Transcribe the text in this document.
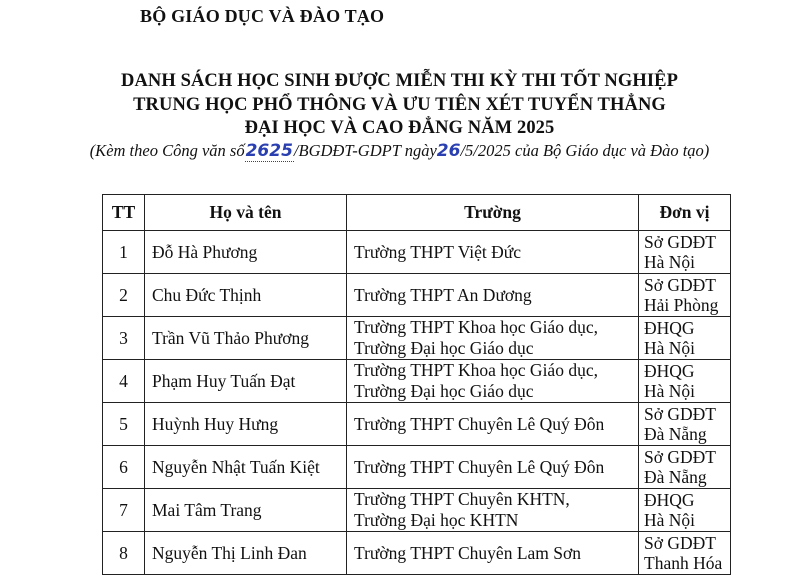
BỘ GIÁO DỤC VÀ ĐÀO TẠO
DANH SÁCH HỌC SINH ĐƯỢC MIỄN THI KỲ THI TỐT NGHIỆP
TRUNG HỌC PHỔ THÔNG VÀ ƯU TIÊN XÉT TUYỂN THẲNG
ĐẠI HỌC VÀ CAO ĐẲNG NĂM 2025
(Kèm theo Công văn số2625/BGDĐT-GDPT ngày26/5/2025 của Bộ Giáo dục và Đào tạo)
TT	Họ và tên	Trường	Đơn vị
1	Đỗ Hà Phương	Trường THPT Việt Đức	Sở GDĐT
Hà Nội

2	Chu Đức Thịnh	Trường THPT An Dương	Sở GDĐT
Hải Phòng

3	Trần Vũ Thảo Phương	Trường THPT Khoa học Giáo dục,
Trường Đại học Giáo dục	ĐHQG
Hà Nội

4	Phạm Huy Tuấn Đạt	Trường THPT Khoa học Giáo dục,
Trường Đại học Giáo dục	ĐHQG
Hà Nội

5	Huỳnh Huy Hưng	Trường THPT Chuyên Lê Quý Đôn	Sở GDĐT
Đà Nẵng

6	Nguyễn Nhật Tuấn Kiệt	Trường THPT Chuyên Lê Quý Đôn	Sở GDĐT
Đà Nẵng

7	Mai Tâm Trang	Trường THPT Chuyên KHTN,
Trường Đại học KHTN	ĐHQG
Hà Nội

8	Nguyễn Thị Linh Đan	Trường THPT Chuyên Lam Sơn	Sở GDĐT
Thanh Hóa
